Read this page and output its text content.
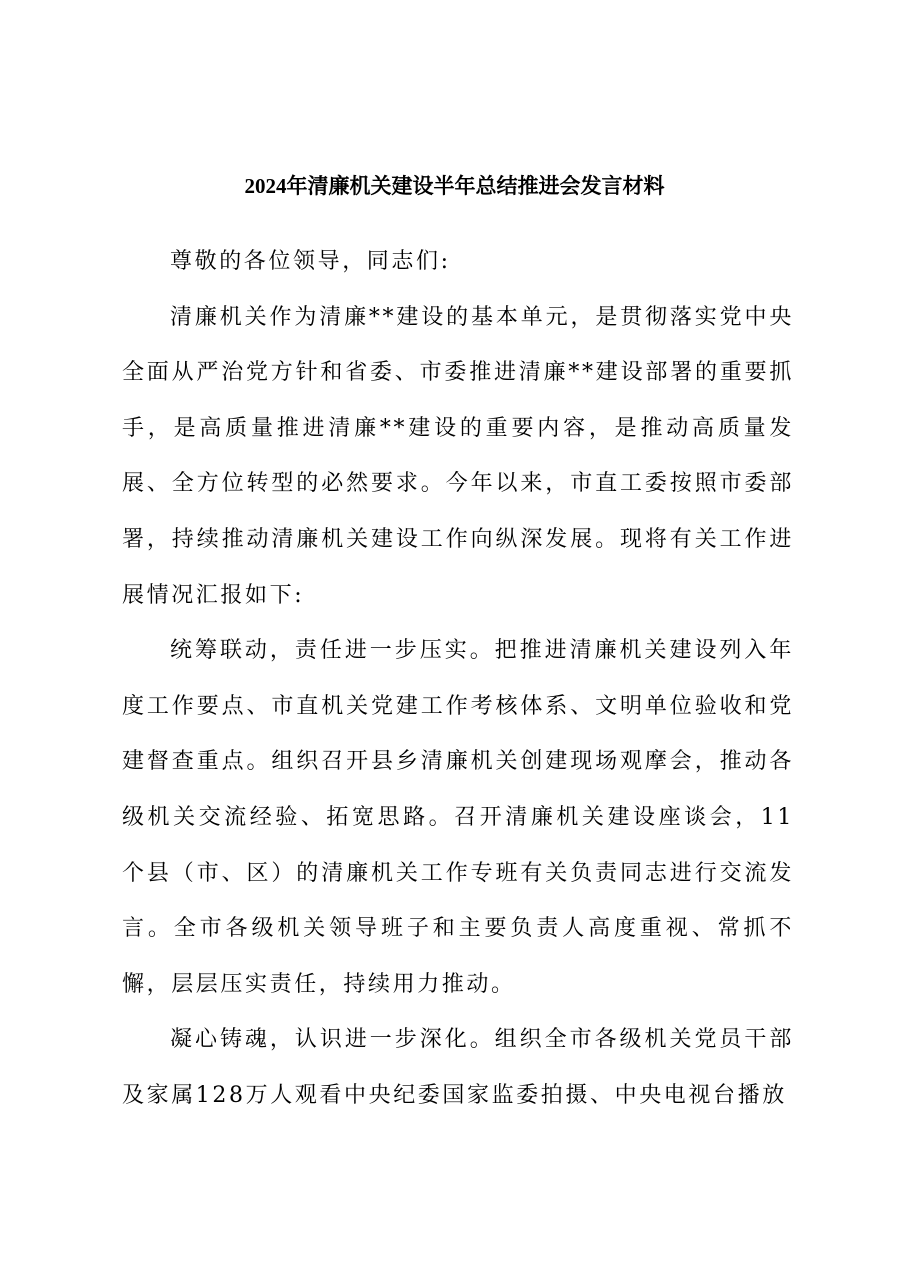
2024年清廉机关建设半年总结推进会发言材料

尊敬的各位领导，同志们:

清廉机关作为清廉**建设的基本单元，是贯彻落实党中央全面从严治党方针和省委、市委推进清廉**建设部署的重要抓手，是高质量推进清廉**建设的重要内容，是推动高质量发展、全方位转型的必然要求。今年以来，市直工委按照市委部署，持续推动清廉机关建设工作向纵深发展。现将有关工作进展情况汇报如下:

统筹联动，责任进一步压实。把推进清廉机关建设列入年度工作要点、市直机关党建工作考核体系、文明单位验收和党建督查重点。组织召开县乡清廉机关创建现场观摩会，推动各级机关交流经验、拓宽思路。召开清廉机关建设座谈会，11个县（市、区）的清廉机关工作专班有关负责同志进行交流发言。全市各级机关领导班子和主要负责人高度重视、常抓不懈，层层压实责任，持续用力推动。

凝心铸魂，认识进一步深化。组织全市各级机关党员干部及家属128万人观看中央纪委国家监委拍摄、中央电视台播放
